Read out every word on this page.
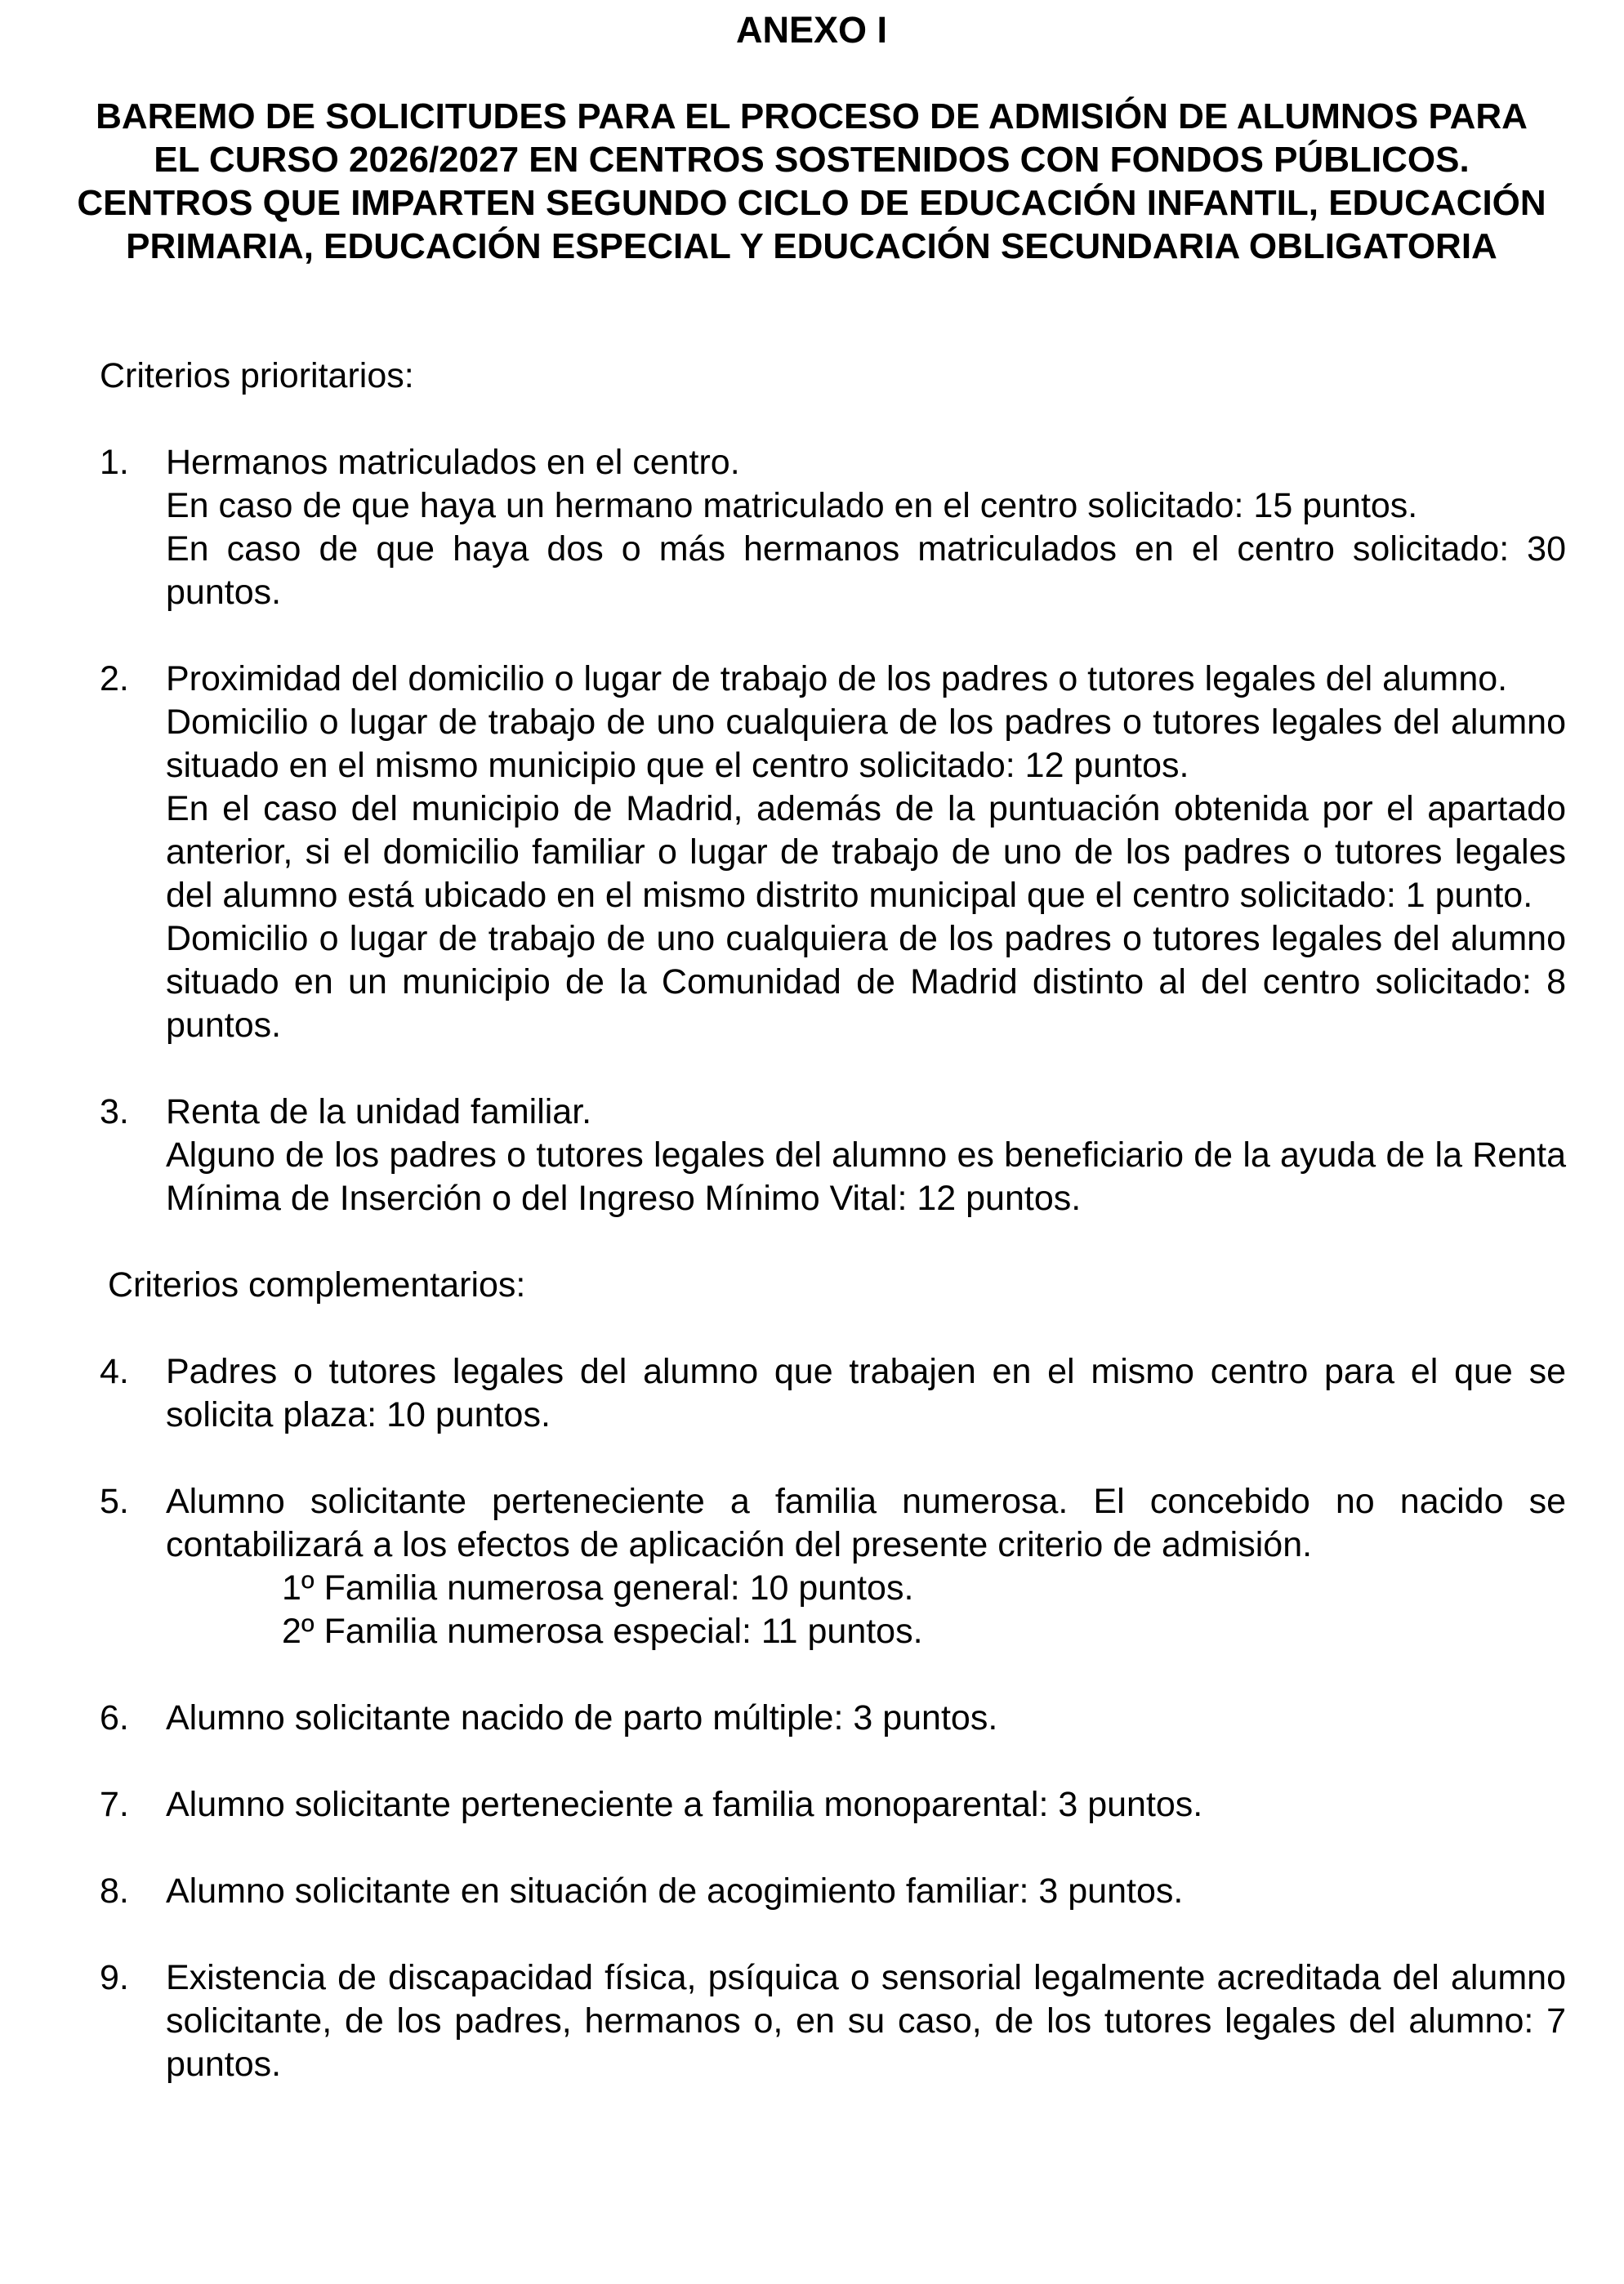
ANEXO I
BAREMO DE SOLICITUDES PARA EL PROCESO DE ADMISIÓN DE ALUMNOS PARA
EL CURSO 2026/2027 EN CENTROS SOSTENIDOS CON FONDOS PÚBLICOS.
CENTROS QUE IMPARTEN SEGUNDO CICLO DE EDUCACIÓN INFANTIL, EDUCACIÓN
PRIMARIA, EDUCACIÓN ESPECIAL Y EDUCACIÓN SECUNDARIA OBLIGATORIA
Criterios prioritarios:
1.	Hermanos matriculados en el centro.

En caso de que haya un hermano matriculado en el centro solicitado: 15 puntos.

En caso de que haya dos o más hermanos matriculados en el centro solicitado: 30 puntos.

2.	Proximidad del domicilio o lugar de trabajo de los padres o tutores legales del alumno.

Domicilio o lugar de trabajo de uno cualquiera de los padres o tutores legales del alumno situado en el mismo municipio que el centro solicitado: 12 puntos.

En el caso del municipio de Madrid, además de la puntuación obtenida por el apartado anterior, si el domicilio familiar o lugar de trabajo de uno de los padres o tutores legales del alumno está ubicado en el mismo distrito municipal que el centro solicitado: 1 punto.

Domicilio o lugar de trabajo de uno cualquiera de los padres o tutores legales del alumno situado en un municipio de la Comunidad de Madrid distinto al del centro solicitado: 8 puntos.

3.	Renta de la unidad familiar.

Alguno de los padres o tutores legales del alumno es beneficiario de la ayuda de la Renta Mínima de Inserción o del Ingreso Mínimo Vital: 12 puntos.

Criterios complementarios:
4.	Padres o tutores legales del alumno que trabajen en el mismo centro para el que se solicita plaza: 10 puntos.

5.	Alumno solicitante perteneciente a familia numerosa. El concebido no nacido se contabilizará a los efectos de aplicación del presente criterio de admisión.

1º Familia numerosa general: 10 puntos.
2º Familia numerosa especial: 11 puntos.
6.	Alumno solicitante nacido de parto múltiple: 3 puntos.

7.	Alumno solicitante perteneciente a familia monoparental: 3 puntos.

8.	Alumno solicitante en situación de acogimiento familiar: 3 puntos.

9.	Existencia de discapacidad física, psíquica o sensorial legalmente acreditada del alumno solicitante, de los padres, hermanos o, en su caso, de los tutores legales del alumno: 7 puntos.
